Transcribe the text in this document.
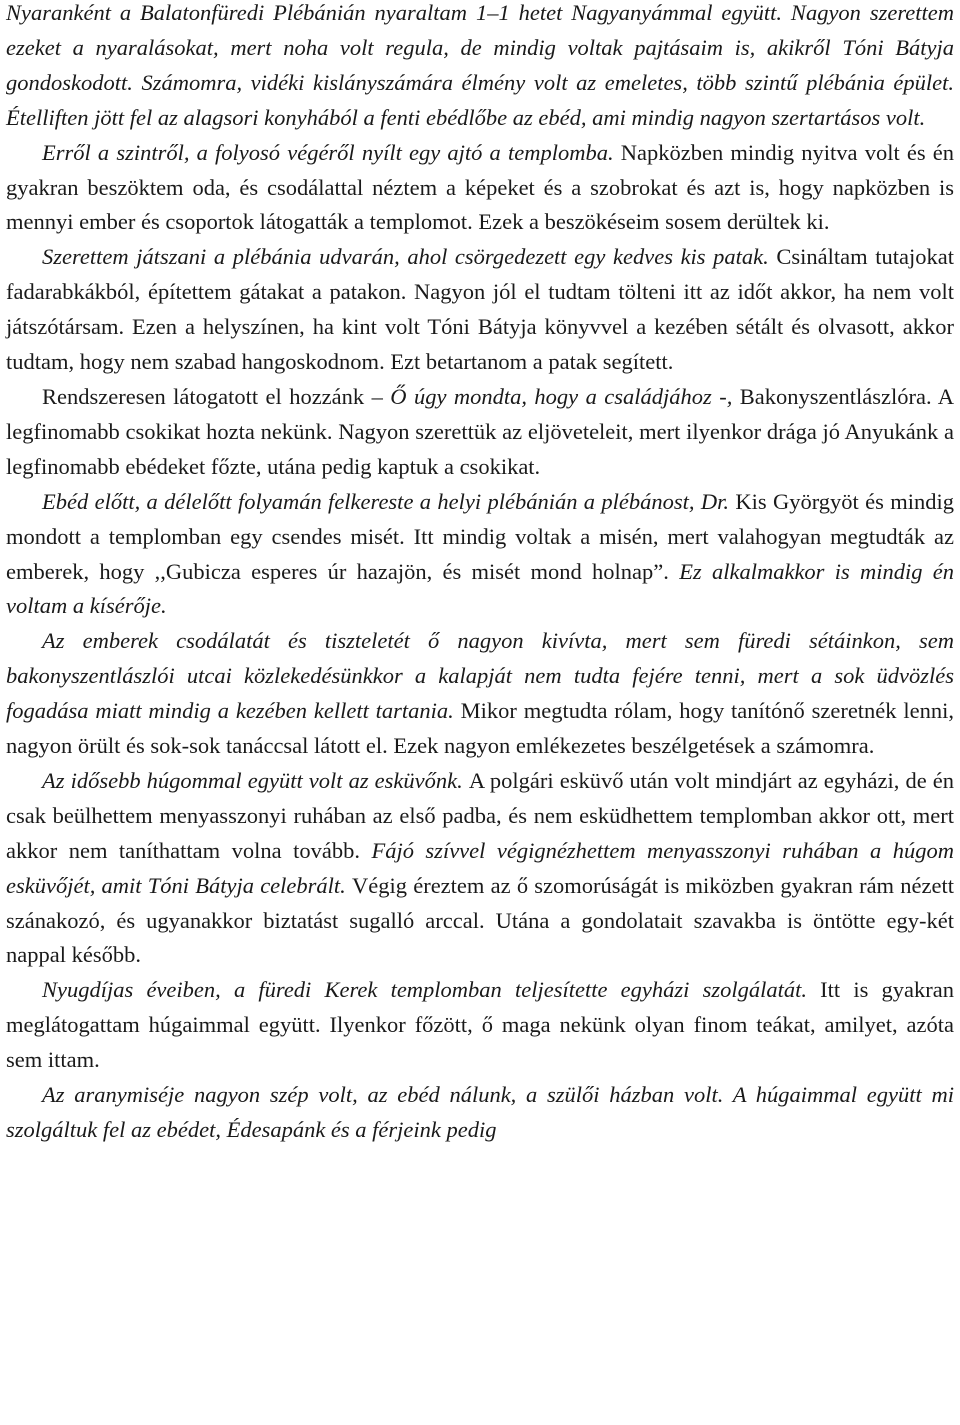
Nyaranként a Balatonfüredi Plébánián nyaraltam 1–1 hetet Nagyanyámmal együtt. Nagyon szerettem ezeket a nyaralásokat, mert noha volt regula, de mindig voltak pajtásaim is, akikről Tóni Bátyja gondoskodott. Számomra, vidéki kislányszámára élmény volt az emeletes, több szintű plébánia épület. Ételliften jött fel az alagsori konyhából a fenti ebédlőbe az ebéd, ami mindig nagyon szertartásos volt.

Erről a szintről, a folyosó végéről nyílt egy ajtó a templomba. Napközben mindig nyitva volt és én gyakran beszöktem oda, és csodálattal néztem a képeket és a szobrokat és azt is, hogy napközben is mennyi ember és csoportok látogatták a templomot. Ezek a beszökéseim sosem derültek ki.

Szerettem játszani a plébánia udvarán, ahol csörgedezett egy kedves kis patak. Csináltam tutajokat fadarabkákból, építettem gátakat a patakon. Nagyon jól el tudtam tölteni itt az időt akkor, ha nem volt játszótársam. Ezen a helyszínen, ha kint volt Tóni Bátyja könyvvel a kezében sétált és olvasott, akkor tudtam, hogy nem szabad hangoskodnom. Ezt betartanom a patak segített.

Rendszeresen látogatott el hozzánk – Ő úgy mondta, hogy a családjához -, Bakonyszentlászlóra. A legfinomabb csokikat hozta nekünk. Nagyon szerettük az eljöveteleit, mert ilyenkor drága jó Anyukánk a legfinomabb ebédeket főzte, utána pedig kaptuk a csokikat.

Ebéd előtt, a délelőtt folyamán felkereste a helyi plébánián a plébánost, Dr. Kis Györgyöt és mindig mondott a templomban egy csendes misét. Itt mindig voltak a misén, mert valahogyan megtudták az emberek, hogy ,,Gubicza esperes úr hazajön, és misét mond holnap”. Ez alkalmakkor is mindig én voltam a kísérője.

Az emberek csodálatát és tiszteletét ő nagyon kivívta, mert sem füredi sétáinkon, sem bakonyszentlászlói utcai közlekedésünkkor a kalapját nem tudta fejére tenni, mert a sok üdvözlés fogadása miatt mindig a kezében kellett tartania. Mikor megtudta rólam, hogy tanítónő szeretnék lenni, nagyon örült és sok-sok tanáccsal látott el. Ezek nagyon emlékezetes beszélgetések a számomra.

Az idősebb húgommal együtt volt az esküvőnk. A polgári esküvő után volt mindjárt az egyházi, de én csak beülhettem menyasszonyi ruhában az első padba, és nem esküdhettem templomban akkor ott, mert akkor nem taníthattam volna tovább. Fájó szívvel végignézhettem menyasszonyi ruhában a húgom esküvőjét, amit Tóni Bátyja celebrált. Végig éreztem az ő szomorúságát is miközben gyakran rám nézett szánakozó, és ugyanakkor biztatást sugalló arccal. Utána a gondolatait szavakba is öntötte egy-két nappal később.

Nyugdíjas éveiben, a füredi Kerek templomban teljesítette egyházi szolgálatát. Itt is gyakran meglátogattam húgaimmal együtt. Ilyenkor főzött, ő maga nekünk olyan finom teákat, amilyet, azóta sem ittam.

Az aranymiséje nagyon szép volt, az ebéd nálunk, a szülői házban volt. A húgaimmal együtt mi szolgáltuk fel az ebédet, Édesapánk és a férjeink pedig
